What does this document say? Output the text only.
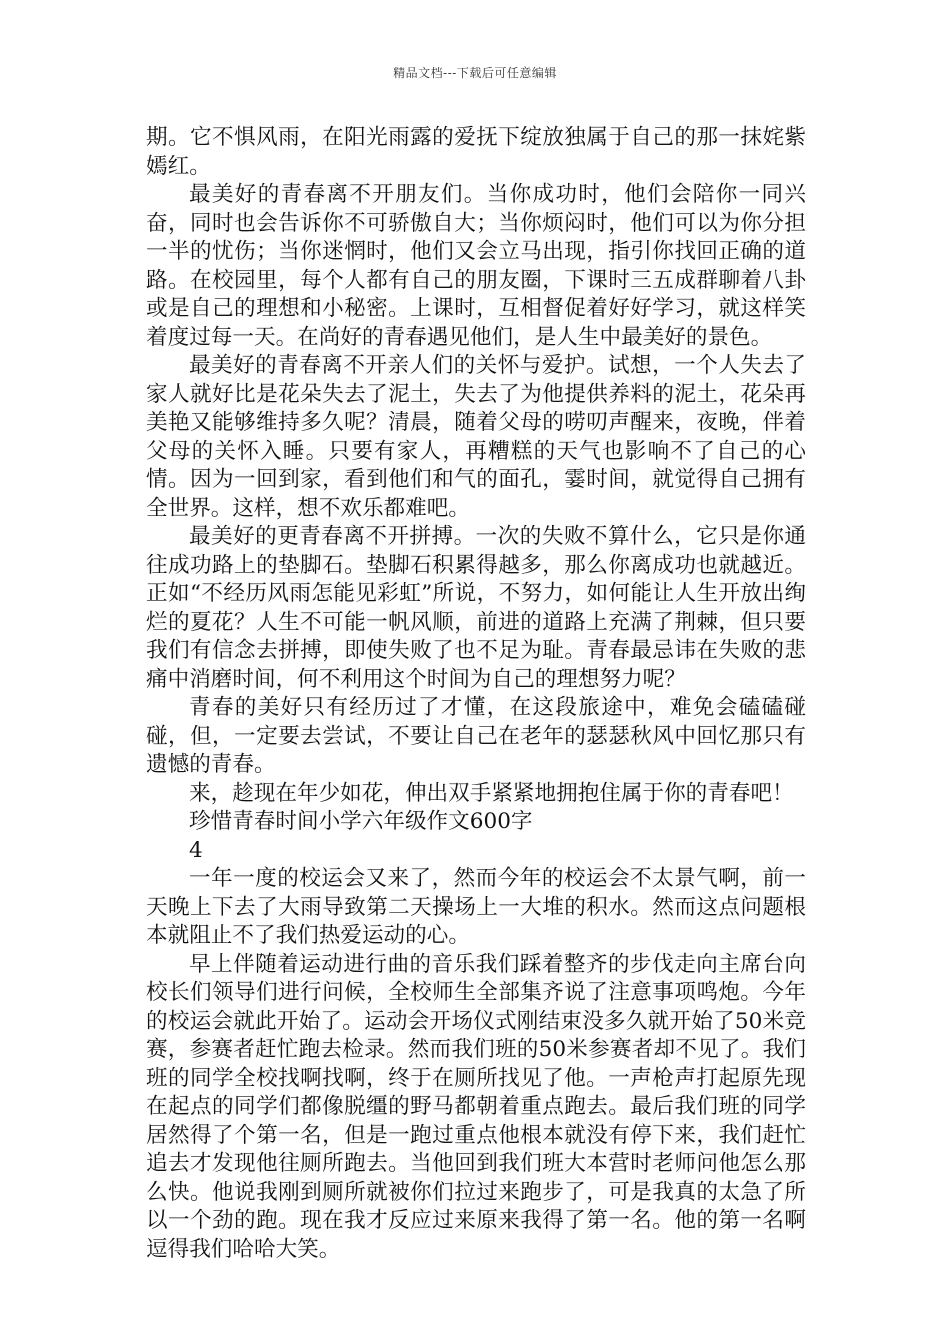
精品文档---下载后可任意编辑

期。它不惧风雨，在阳光雨露的爱抚下绽放独属于自己的那一抹姹紫嫣红。

最美好的青春离不开朋友们。当你成功时，他们会陪你一同兴奋，同时也会告诉你不可骄傲自大；当你烦闷时，他们可以为你分担一半的忧伤；当你迷惘时，他们又会立马出现，指引你找回正确的道路。在校园里，每个人都有自己的朋友圈，下课时三五成群聊着八卦或是自己的理想和小秘密。上课时，互相督促着好好学习，就这样笑着度过每一天。在尚好的青春遇见他们，是人生中最美好的景色。

最美好的青春离不开亲人们的关怀与爱护。试想，一个人失去了家人就好比是花朵失去了泥土，失去了为他提供养料的泥土，花朵再美艳又能够维持多久呢？清晨，随着父母的唠叨声醒来，夜晚，伴着父母的关怀入睡。只要有家人，再糟糕的天气也影响不了自己的心情。因为一回到家，看到他们和气的面孔，霎时间，就觉得自己拥有全世界。这样，想不欢乐都难吧。

最美好的更青春离不开拼搏。一次的失败不算什么，它只是你通往成功路上的垫脚石。垫脚石积累得越多，那么你离成功也就越近。正如“不经历风雨怎能见彩虹”所说，不努力，如何能让人生开放出绚烂的夏花？人生不可能一帆风顺，前进的道路上充满了荆棘，但只要我们有信念去拼搏，即使失败了也不足为耻。青春最忌讳在失败的悲痛中消磨时间，何不利用这个时间为自己的理想努力呢？

青春的美好只有经历过了才懂，在这段旅途中，难免会磕磕碰碰，但，一定要去尝试，不要让自己在老年的瑟瑟秋风中回忆那只有遗憾的青春。

来，趁现在年少如花，伸出双手紧紧地拥抱住属于你的青春吧！

珍惜青春时间小学六年级作文600字

4

一年一度的校运会又来了，然而今年的校运会不太景气啊，前一天晚上下去了大雨导致第二天操场上一大堆的积水。然而这点问题根本就阻止不了我们热爱运动的心。

早上伴随着运动进行曲的音乐我们踩着整齐的步伐走向主席台向校长们领导们进行问候，全校师生全部集齐说了注意事项鸣炮。今年的校运会就此开始了。运动会开场仪式刚结束没多久就开始了50米竞赛，参赛者赶忙跑去检录。然而我们班的50米参赛者却不见了。我们班的同学全校找啊找啊，终于在厕所找见了他。一声枪声打起原先现在起点的同学们都像脱缰的野马都朝着重点跑去。最后我们班的同学居然得了个第一名，但是一跑过重点他根本就没有停下来，我们赶忙追去才发现他往厕所跑去。当他回到我们班大本营时老师问他怎么那么快。他说我刚到厕所就被你们拉过来跑步了，可是我真的太急了所以一个劲的跑。现在我才反应过来原来我得了第一名。他的第一名啊逗得我们哈哈大笑。
